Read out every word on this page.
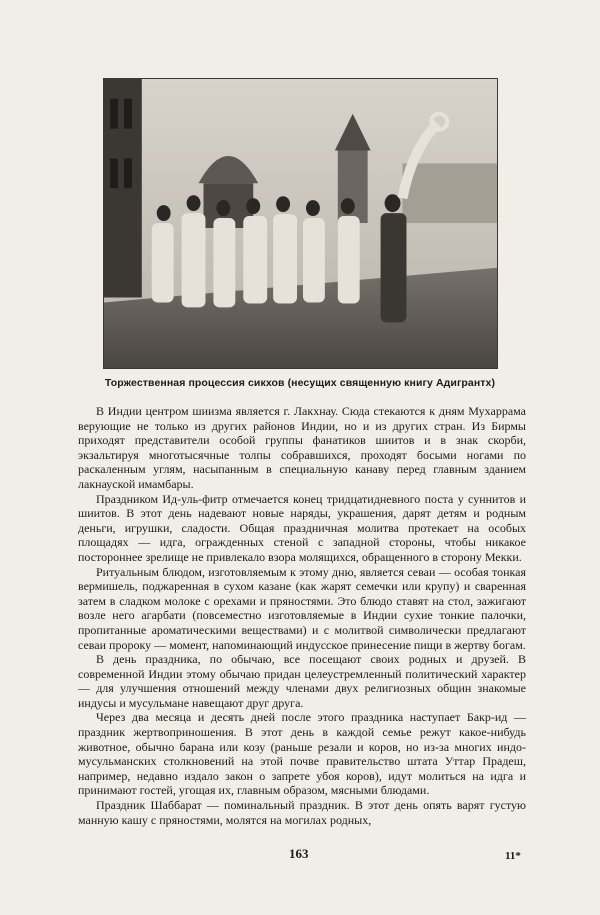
Торжественная процессия сикхов (несущих священную книгу Адигрантх)

В Индии центром шиизма является г. Лакхнау. Сюда стекаются к дням Мухаррама верующие не только из других районов Индии, но и из других стран. Из Бирмы приходят представители особой группы фанатиков шиитов и в знак скорби, экзальтируя многотысячные толпы собравшихся, проходят босыми ногами по раскаленным углям, насыпанным в специальную канаву перед главным зданием лакнауской имамбары.

Праздником Ид-уль-фитр отмечается конец тридцатидневного поста у суннитов и шиитов. В этот день надевают новые наряды, украшения, дарят детям и родным деньги, игрушки, сладости. Общая праздничная молитва протекает на особых площадях — идга, огражденных стеной с западной стороны, чтобы никакое постороннее зрелище не привлекало взора молящихся, обращенного в сторону Мекки.

Ритуальным блюдом, изготовляемым к этому дню, является севаи — особая тонкая вермишель, поджаренная в сухом казане (как жарят семечки или крупу) и сваренная затем в сладком молоке с орехами и пряностями. Это блюдо ставят на стол, зажигают возле него агарбати (повсеместно изготовляемые в Индии сухие тонкие палочки, пропитанные ароматическими веществами) и с молитвой символически предлагают севаи пророку — момент, напоминающий индусское принесение пищи в жертву богам.

В день праздника, по обычаю, все посещают своих родных и друзей. В современной Индии этому обычаю придан целеустремленный политический характер — для улучшения отношений между членами двух религиозных общин знакомые индусы и мусульмане навещают друг друга.

Через два месяца и десять дней после этого праздника наступает Бакр-ид — праздник жертвоприношения. В этот день в каждой семье режут какое-нибудь животное, обычно барана или козу (раньше резали и коров, но из-за многих индо-мусульманских столкновений на этой почве правительство штата Уттар Прадеш, например, недавно издало закон о запрете убоя коров), идут молиться на идга и принимают гостей, угощая их, главным образом, мясными блюдами.

Праздник Шаббарат — поминальный праздник. В этот день опять варят густую манную кашу с пряностями, молятся на могилах родных,

163	11*
